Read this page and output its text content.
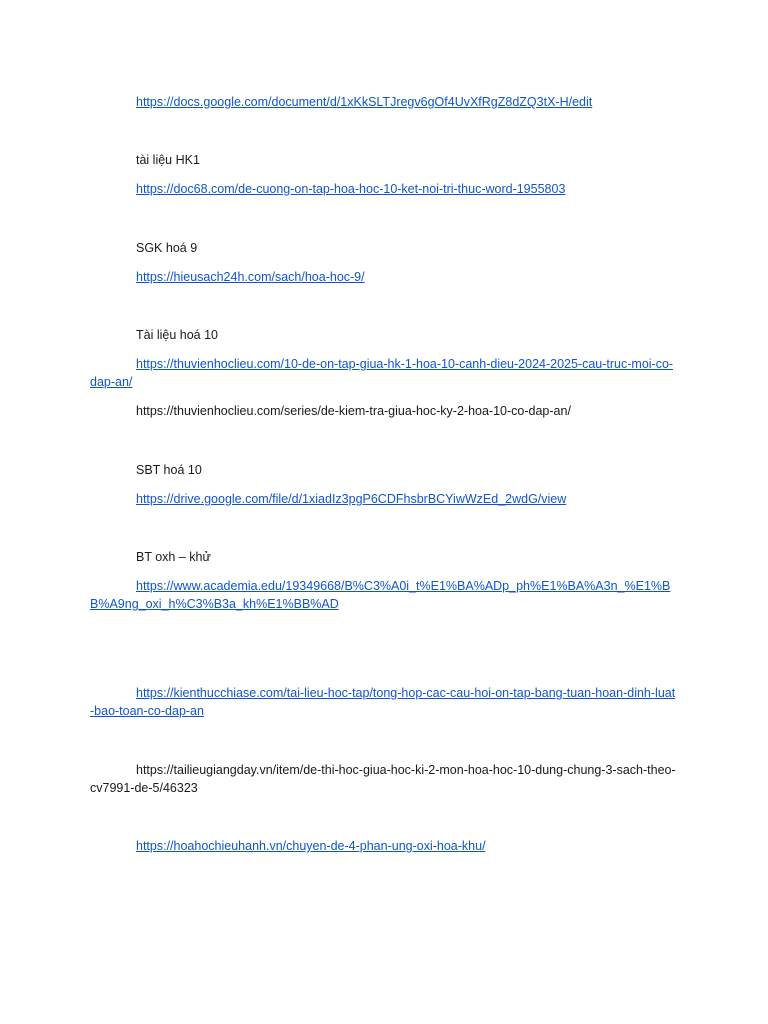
https://docs.google.com/document/d/1xKkSLTJregv6gOf4UvXfRgZ8dZQ3tX-H/edit

tài liệu HK1

https://doc68.com/de-cuong-on-tap-hoa-hoc-10-ket-noi-tri-thuc-word-1955803

SGK hoá 9

https://hieusach24h.com/sach/hoa-hoc-9/

Tài liệu hoá 10

https://thuvienhoclieu.com/10-de-on-tap-giua-hk-1-hoa-10-canh-dieu-2024-2025-cau-truc-moi-co-dap-an/

https://thuvienhoclieu.com/series/de-kiem-tra-giua-hoc-ky-2-hoa-10-co-dap-an/

SBT hoá 10

https://drive.google.com/file/d/1xiadIz3pgP6CDFhsbrBCYiwWzEd_2wdG/view

BT oxh – khử

https://www.academia.edu/19349668/B%C3%A0i_t%E1%BA%ADp_ph%E1%BA%A3n_%E1%BB%A9ng_oxi_h%C3%B3a_kh%E1%BB%AD

https://kienthucchiase.com/tai-lieu-hoc-tap/tong-hop-cac-cau-hoi-on-tap-bang-tuan-hoan-dinh-luat-bao-toan-co-dap-an

https://tailieugiangday.vn/item/de-thi-hoc-giua-hoc-ki-2-mon-hoa-hoc-10-dung-chung-3-sach-theo-cv7991-de-5/46323

https://hoahochieuhanh.vn/chuyen-de-4-phan-ung-oxi-hoa-khu/
